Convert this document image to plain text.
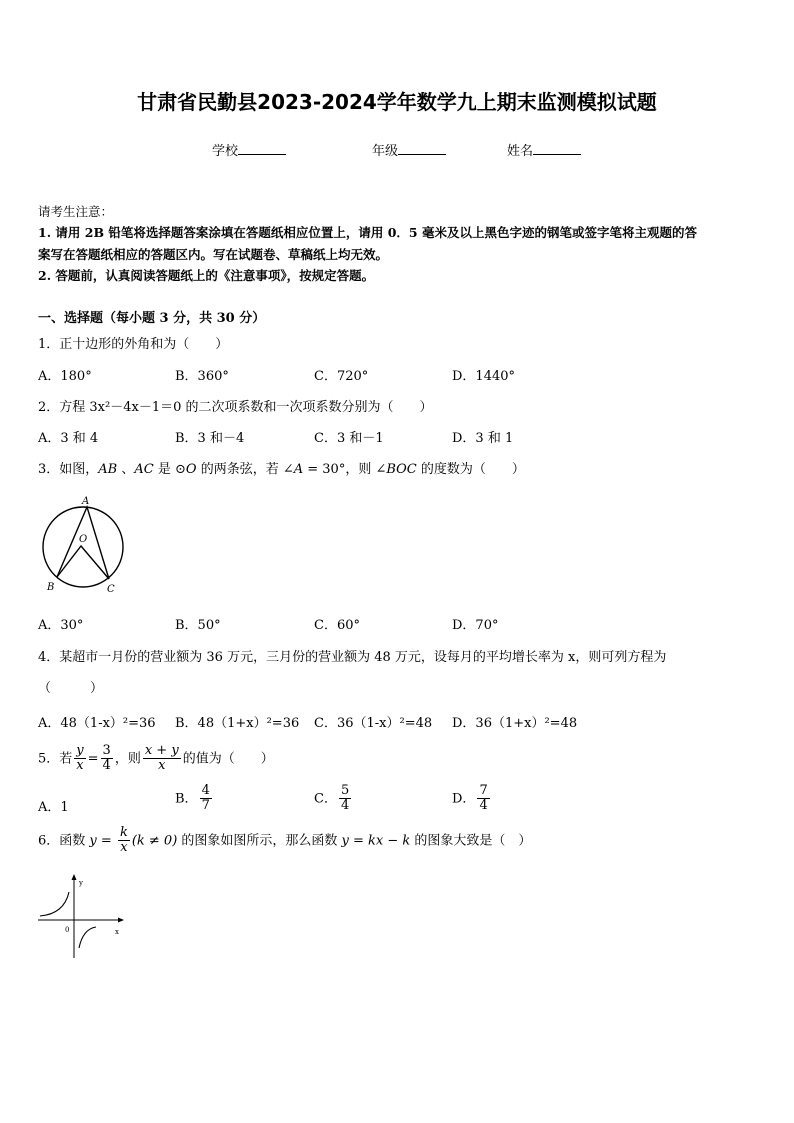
甘肃省民勤县2023-2024学年数学九上期末监测模拟试题
学校	年级	姓名
请考生注意：
1. 请用 2B 铅笔将选择题答案涂填在答题纸相应位置上，请用 0．5 毫米及以上黑色字迹的钢笔或签字笔将主观题的答
案写在答题纸相应的答题区内。写在试题卷、草稿纸上均无效。
2. 答题前，认真阅读答题纸上的《注意事项》，按规定答题。
一、选择题（每小题 3 分，共 30 分）
1．正十边形的外角和为（　　）
A．180°	B．360°	C．720°	D．1440°
2．方程 3x²－4x－1＝0 的二次项系数和一次项系数分别为（　　）
A．3 和 4	B．3 和－4	C．3 和－1	D．3 和 1
3．如图，AB 、AC 是 ⊙O 的两条弦，若 ∠A = 30°，则 ∠BOC 的度数为（　　）
A
O
B	C
A．30°	B．50°	C．60°	D．70°
4．某超市一月份的营业额为 36 万元，三月份的营业额为 48 万元，设每月的平均增长率为 x，则可列方程为
（　　　）
A．48（1-x）²=36 B．48（1+x）²=36 C．36（1-x）²=48 D．36（1+x）²=48
5．若 $\frac{y}{x} = \frac{3}{4}$ ，则 $\frac{x + y}{x}$ 的值为（　　）
A．1
B． $\frac{4}{7}$	C． $\frac{5}{4}$	D． $\frac{7}{4}$
6．函数 $y = \frac{k}{x} (k \ne 0)$ 的图象如图所示，那么函数 y = kx − k 的图象大致是（　）
y
x
0
